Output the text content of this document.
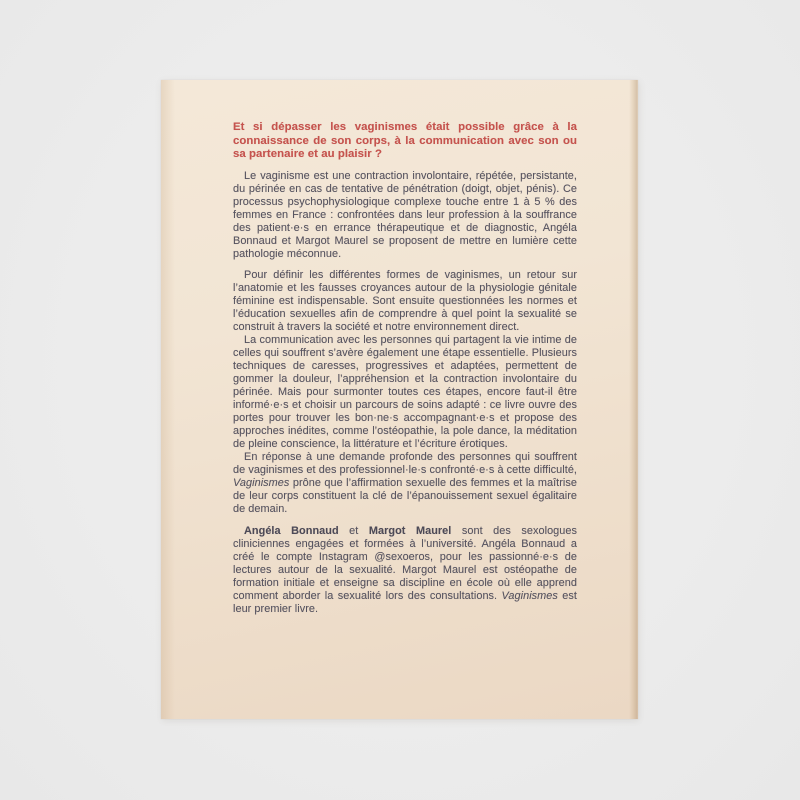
Et si dépasser les vaginismes était possible grâce à la connaissance de son corps, à la communication avec son ou sa partenaire et au plaisir ?

Le vaginisme est une contraction involontaire, répétée, persistante, du périnée en cas de tentative de pénétration (doigt, objet, pénis). Ce processus psychophysiologique complexe touche entre 1 à 5 % des femmes en France : confrontées dans leur profession à la souffrance des patient·e·s en errance thérapeutique et de diagnostic, Angéla Bonnaud et Margot Maurel se proposent de mettre en lumière cette pathologie méconnue.

Pour définir les différentes formes de vaginismes, un retour sur l’anatomie et les fausses croyances autour de la physiologie génitale féminine est indispensable. Sont ensuite questionnées les normes et l’éducation sexuelles afin de comprendre à quel point la sexualité se construit à travers la société et notre environnement direct.

La communication avec les personnes qui partagent la vie intime de celles qui souffrent s’avère également une étape essentielle. Plusieurs techniques de caresses, progressives et adaptées, permettent de gommer la douleur, l’appréhension et la contraction involontaire du périnée. Mais pour surmonter toutes ces étapes, encore faut-il être informé·e·s et choisir un parcours de soins adapté : ce livre ouvre des portes pour trouver les bon·ne·s accompagnant·e·s et propose des approches inédites, comme l’ostéopathie, la pole dance, la méditation de pleine conscience, la littérature et l’écriture érotiques.

En réponse à une demande profonde des personnes qui souffrent de vaginismes et des professionnel·le·s confronté·e·s à cette difficulté, Vaginismes prône que l’affirmation sexuelle des femmes et la maîtrise de leur corps constituent la clé de l’épanouissement sexuel égalitaire de demain.

Angéla Bonnaud et Margot Maurel sont des sexologues cliniciennes engagées et formées à l’université. Angéla Bonnaud a créé le compte Instagram @sexoeros, pour les passionné·e·s de lectures autour de la sexualité. Margot Maurel est ostéopathe de formation initiale et enseigne sa discipline en école où elle apprend comment aborder la sexualité lors des consultations. Vaginismes est leur premier livre.
